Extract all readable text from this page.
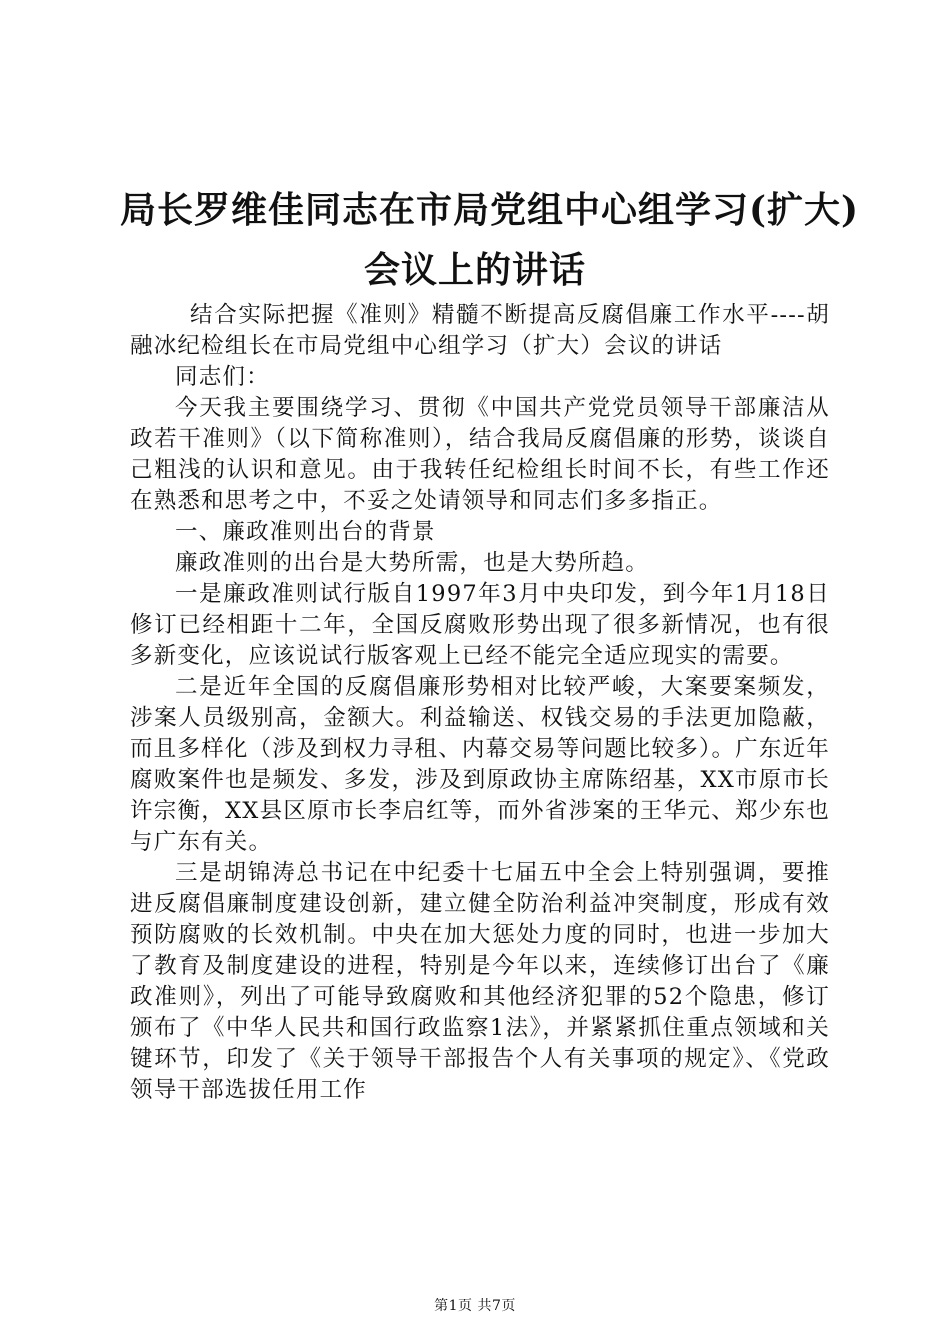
局长罗维佳同志在市局党组中心组学习(扩大)
会议上的讲话

结合实际把握《准则》精髓不断提高反腐倡廉工作水平----胡融冰纪检组长在市局党组中心组学习（扩大）会议的讲话

同志们：

今天我主要围绕学习、贯彻《中国共产党党员领导干部廉洁从政若干准则》（以下简称准则），结合我局反腐倡廉的形势，谈谈自己粗浅的认识和意见。由于我转任纪检组长时间不长，有些工作还在熟悉和思考之中，不妥之处请领导和同志们多多指正。

一、廉政准则出台的背景

廉政准则的出台是大势所需，也是大势所趋。

一是廉政准则试行版自1997年3月中央印发，到今年1月18日修订已经相距十二年，全国反腐败形势出现了很多新情况，也有很多新变化，应该说试行版客观上已经不能完全适应现实的需要。

二是近年全国的反腐倡廉形势相对比较严峻，大案要案频发，涉案人员级别高，金额大。利益输送、权钱交易的手法更加隐蔽，而且多样化（涉及到权力寻租、内幕交易等问题比较多）。广东近年腐败案件也是频发、多发，涉及到原政协主席陈绍基，XX市原市长许宗衡，XX县区原市长李启红等，而外省涉案的王华元、郑少东也与广东有关。

三是胡锦涛总书记在中纪委十七届五中全会上特别强调，要推进反腐倡廉制度建设创新，建立健全防治利益冲突制度，形成有效预防腐败的长效机制。中央在加大惩处力度的同时，也进一步加大了教育及制度建设的进程，特别是今年以来，连续修订出台了《廉政准则》，列出了可能导致腐败和其他经济犯罪的52个隐患，修订颁布了《中华人民共和国行政监察1法》，并紧紧抓住重点领域和关键环节，印发了《关于领导干部报告个人有关事项的规定》、《党政领导干部选拔任用工作

第1页 共7页
